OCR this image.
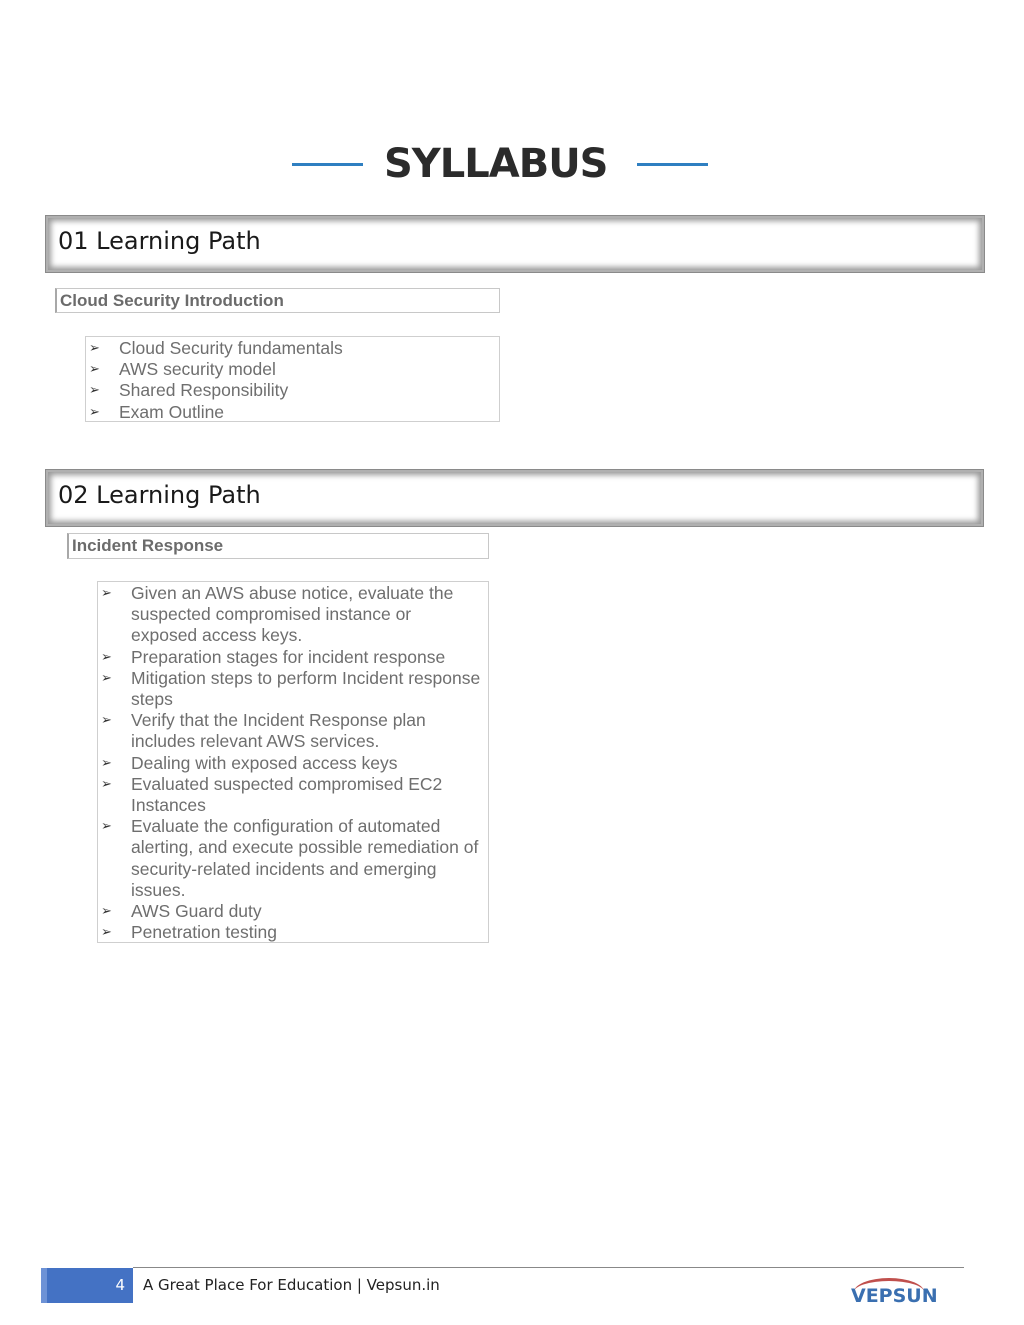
SYLLABUS
01 Learning Path
Cloud Security Introduction
➢ Cloud Security fundamentals
➢ AWS security model
➢ Shared Responsibility
➢ Exam Outline
02 Learning Path
Incident Response
➢ Given an AWS abuse notice, evaluate the suspected compromised instance or exposed access keys.
➢ Preparation stages for incident response
➢ Mitigation steps to perform Incident response steps
➢ Verify that the Incident Response plan includes relevant AWS services.
➢ Dealing with exposed access keys
➢ Evaluated suspected compromised EC2 Instances
➢ Evaluate the configuration of automated alerting, and execute possible remediation of security-related incidents and emerging issues.
➢ AWS Guard duty
➢ Penetration testing
4 A Great Place For Education | Vepsun.in	VEPSUN
